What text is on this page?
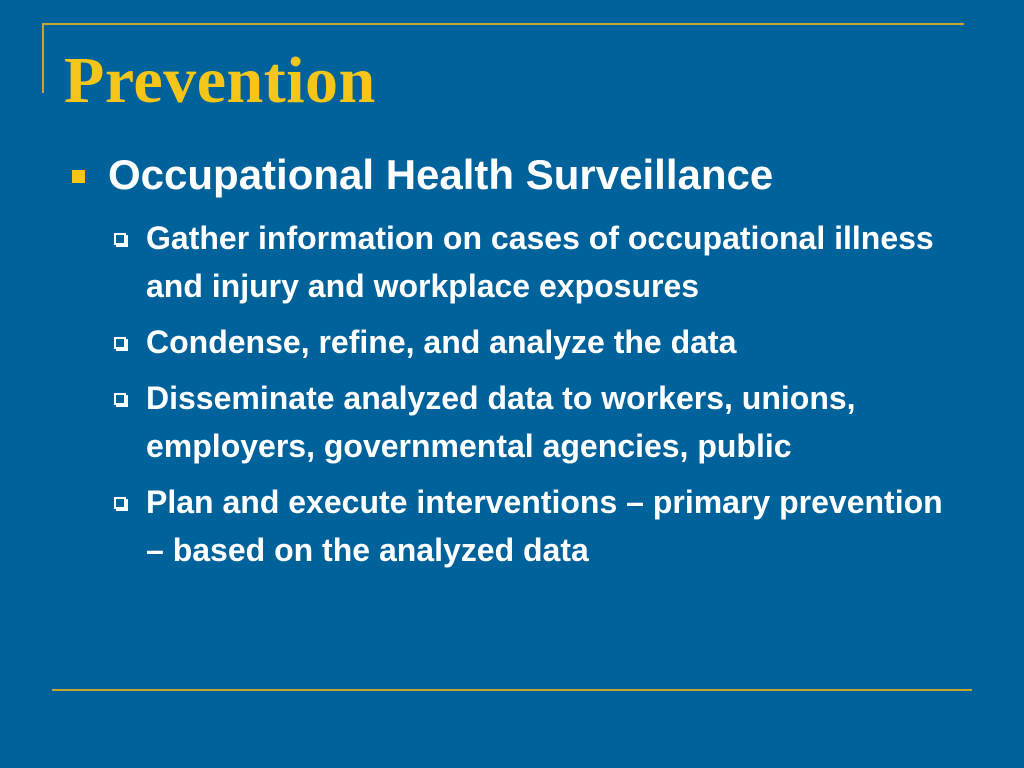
Prevention
Occupational Health Surveillance
Gather information on cases of occupational illness and injury and workplace exposures
Condense, refine, and analyze the data
Disseminate analyzed data to workers, unions, employers, governmental agencies, public
Plan and execute interventions – primary prevention – based on the analyzed data
